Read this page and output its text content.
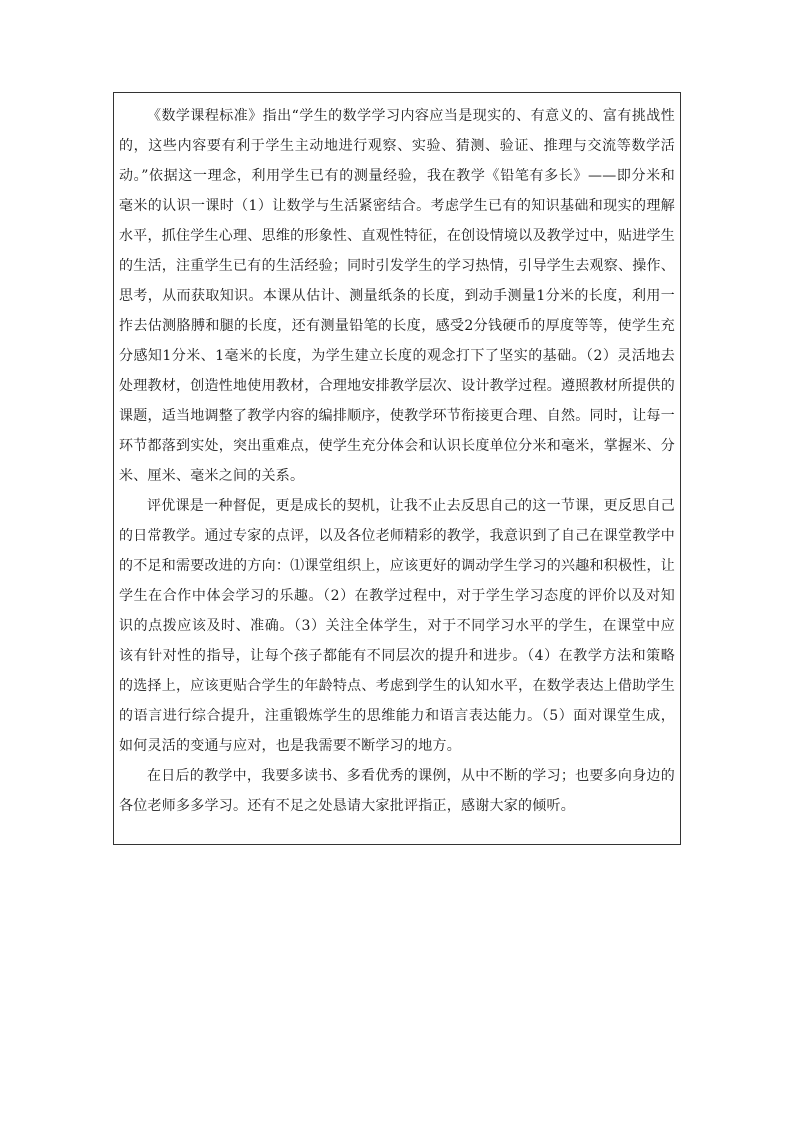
《数学课程标准》指出“学生的数学学习内容应当是现实的、有意义的、富有挑战性的，这些内容要有利于学生主动地进行观察、实验、猜测、验证、推理与交流等数学活动。”依据这一理念，利用学生已有的测量经验，我在教学《铅笔有多长》——即分米和毫米的认识一课时（1）让数学与生活紧密结合。考虑学生已有的知识基础和现实的理解水平，抓住学生心理、思维的形象性、直观性特征，在创设情境以及教学过中，贴进学生的生活，注重学生已有的生活经验；同时引发学生的学习热情，引导学生去观察、操作、思考，从而获取知识。本课从估计、测量纸条的长度，到动手测量1分米的长度，利用一拃去估测胳膊和腿的长度，还有测量铅笔的长度，感受2分钱硬币的厚度等等，使学生充分感知1分米、1毫米的长度，为学生建立长度的观念打下了坚实的基础。（2）灵活地去处理教材，创造性地使用教材，合理地安排教学层次、设计教学过程。遵照教材所提供的课题，适当地调整了教学内容的编排顺序，使教学环节衔接更合理、自然。同时，让每一环节都落到实处，突出重难点，使学生充分体会和认识长度单位分米和毫米，掌握米、分米、厘米、毫米之间的关系。

评优课是一种督促，更是成长的契机，让我不止去反思自己的这一节课，更反思自己的日常教学。通过专家的点评，以及各位老师精彩的教学，我意识到了自己在课堂教学中的不足和需要改进的方向：⑴课堂组织上，应该更好的调动学生学习的兴趣和积极性，让学生在合作中体会学习的乐趣。（2）在教学过程中，对于学生学习态度的评价以及对知识的点拨应该及时、准确。（3）关注全体学生，对于不同学习水平的学生，在课堂中应该有针对性的指导，让每个孩子都能有不同层次的提升和进步。（4）在教学方法和策略的选择上，应该更贴合学生的年龄特点、考虑到学生的认知水平，在数学表达上借助学生的语言进行综合提升，注重锻炼学生的思维能力和语言表达能力。（5）面对课堂生成，如何灵活的变通与应对，也是我需要不断学习的地方。

在日后的教学中，我要多读书、多看优秀的课例，从中不断的学习；也要多向身边的各位老师多多学习。还有不足之处恳请大家批评指正，感谢大家的倾听。
